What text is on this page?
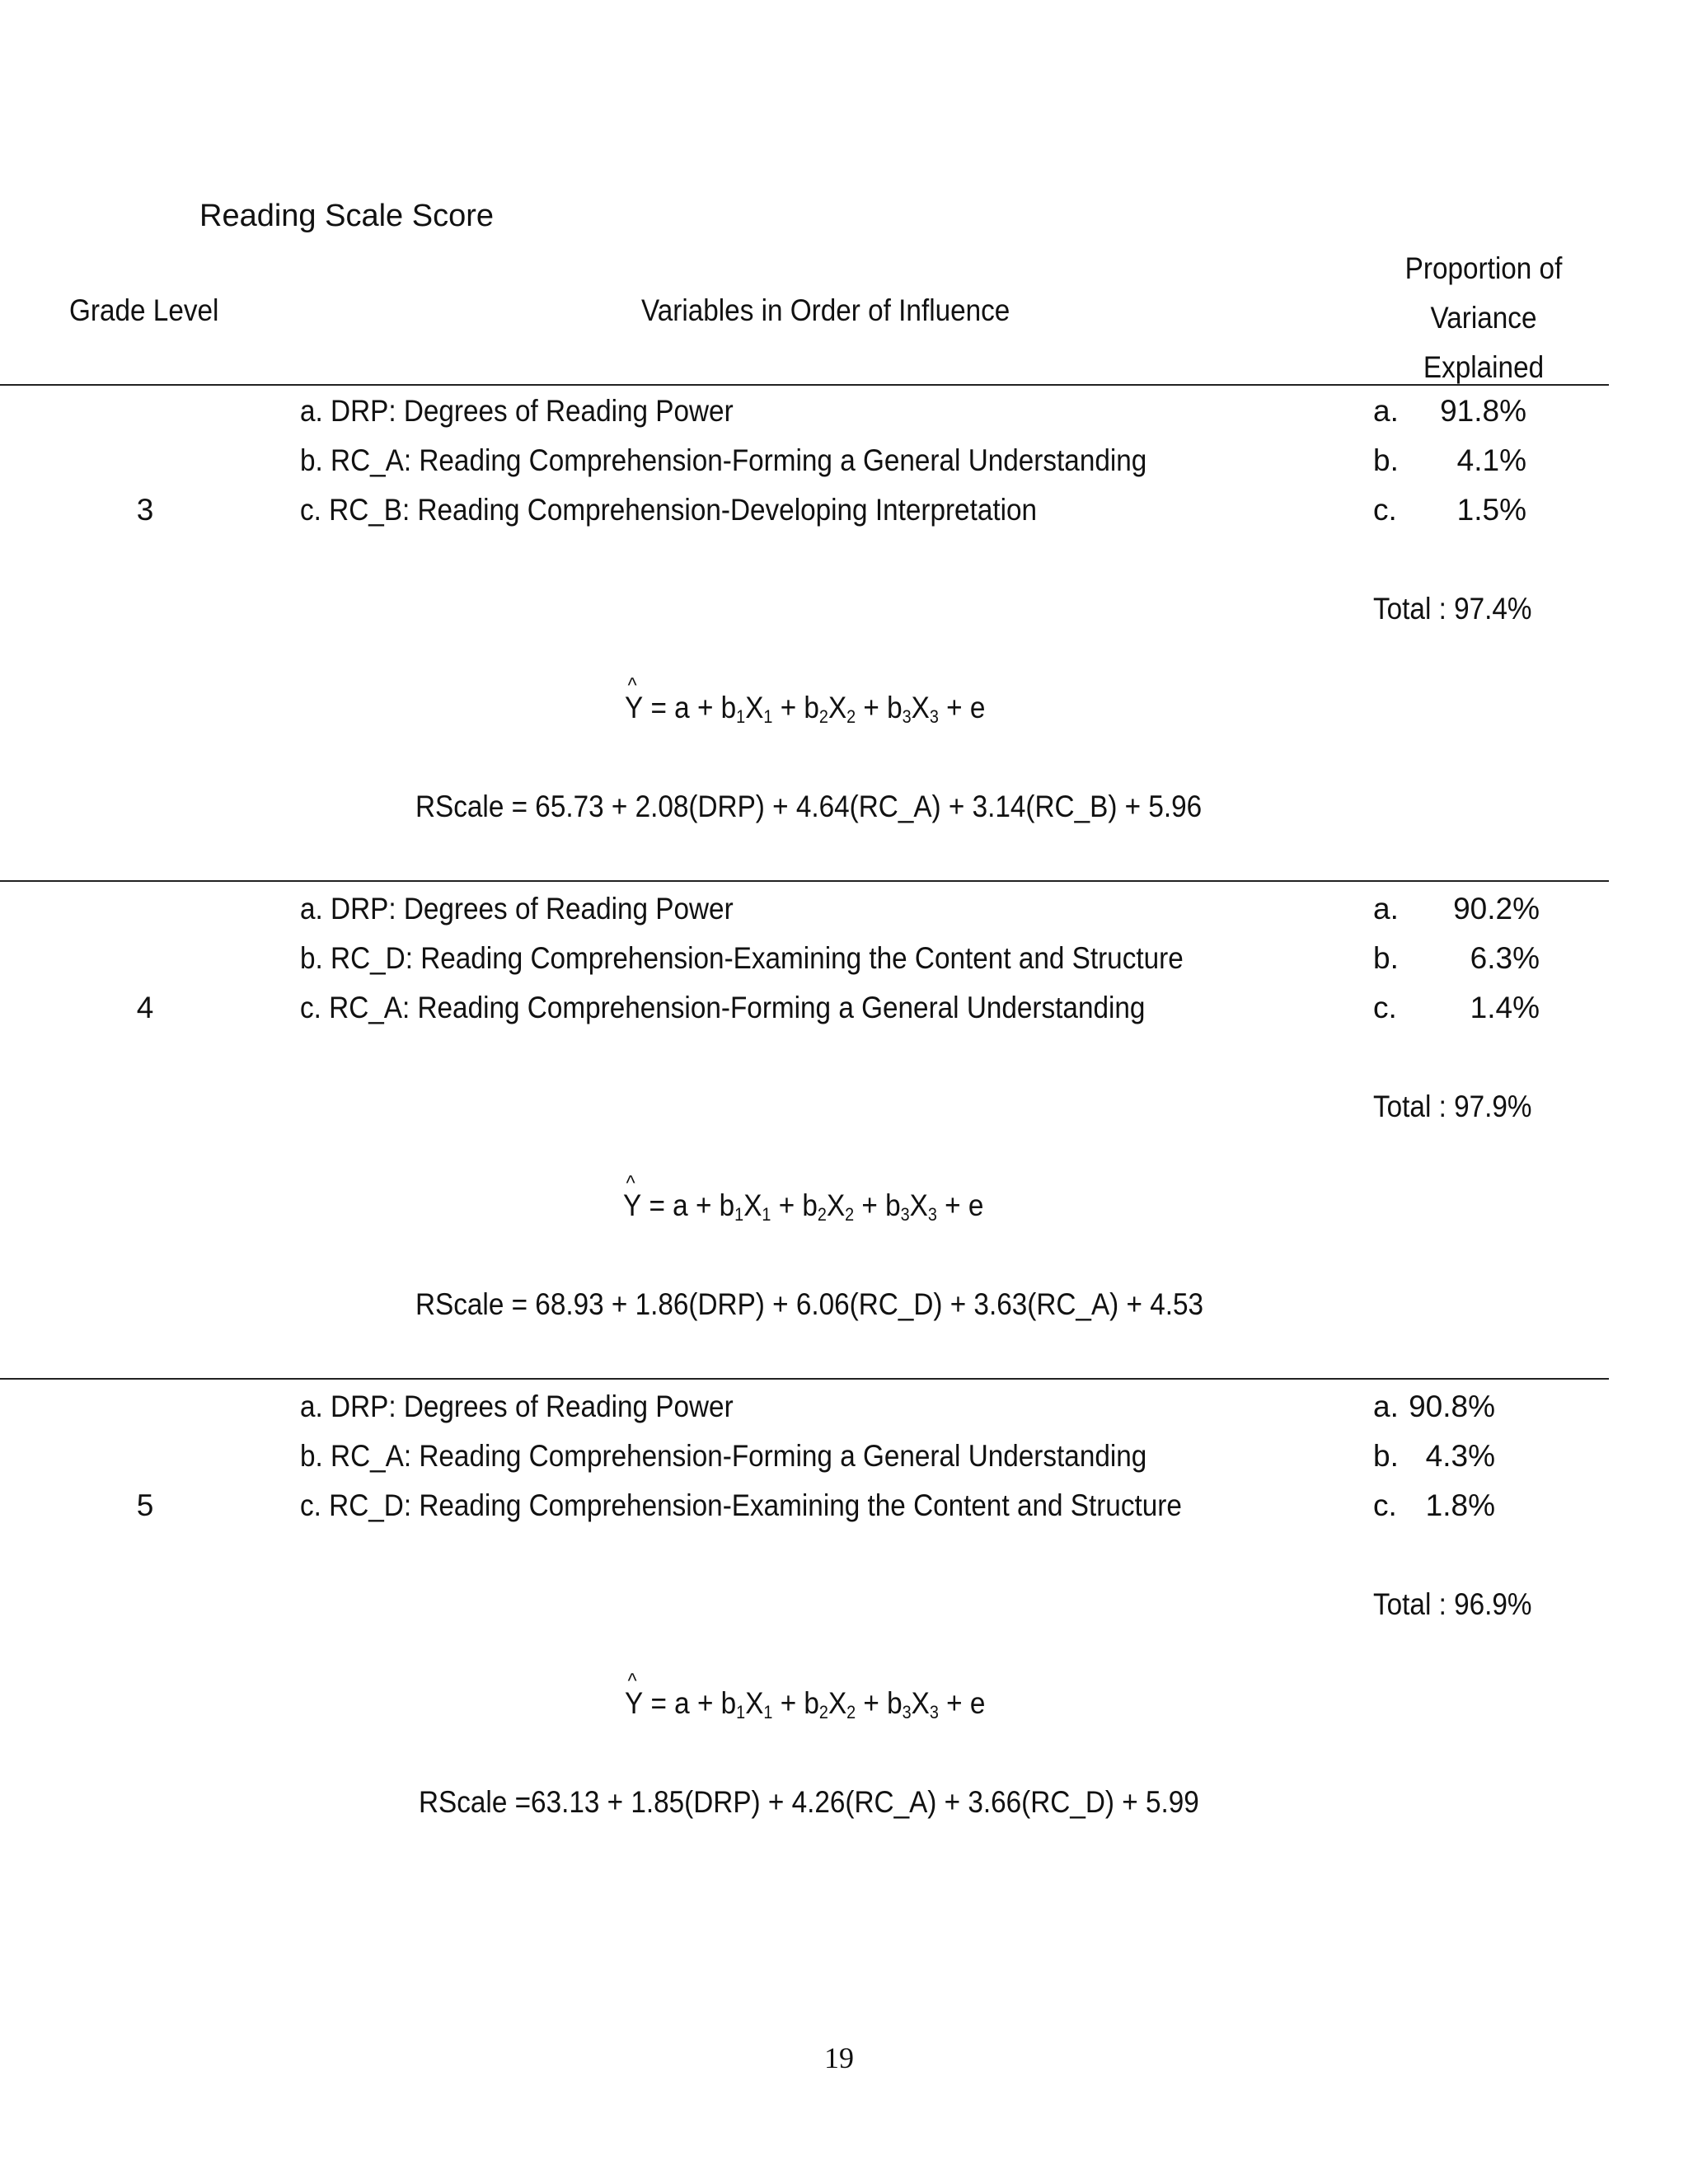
Reading Scale Score
Grade Level	Variables in Order of Influence
Proportion of
Variance
Explained
a. DRP: Degrees of Reading Power
b. RC_A: Reading Comprehension-Forming a General Understanding
c. RC_B: Reading Comprehension-Developing Interpretation
3
a.
b.
c.
91.8%
4.1%
1.5%
Total : 97.4%
^ $Y = a + b_1X_1 + b_2X_2 + b_3X_3 + e$
RScale = 65.73 + 2.08(DRP) + 4.64(RC_A) + 3.14(RC_B) + 5.96
a. DRP: Degrees of Reading Power
b. RC_D: Reading Comprehension-Examining the Content and Structure
c. RC_A: Reading Comprehension-Forming a General Understanding
4
a.
b.
c.
90.2%
6.3%
1.4%
Total : 97.9%
^ $Y = a + b_1X_1 + b_2X_2 + b_3X_3 + e$
RScale = 68.93 + 1.86(DRP) + 6.06(RC_D) + 3.63(RC_A) + 4.53
a. DRP: Degrees of Reading Power
b. RC_A: Reading Comprehension-Forming a General Understanding
c. RC_D: Reading Comprehension-Examining the Content and Structure
5
a.
b.
c.
90.8%
4.3%
1.8%
Total : 96.9%
^ $Y = a + b_1X_1 + b_2X_2 + b_3X_3 + e$
RScale =63.13 + 1.85(DRP) + 4.26(RC_A) + 3.66(RC_D) + 5.99
19
